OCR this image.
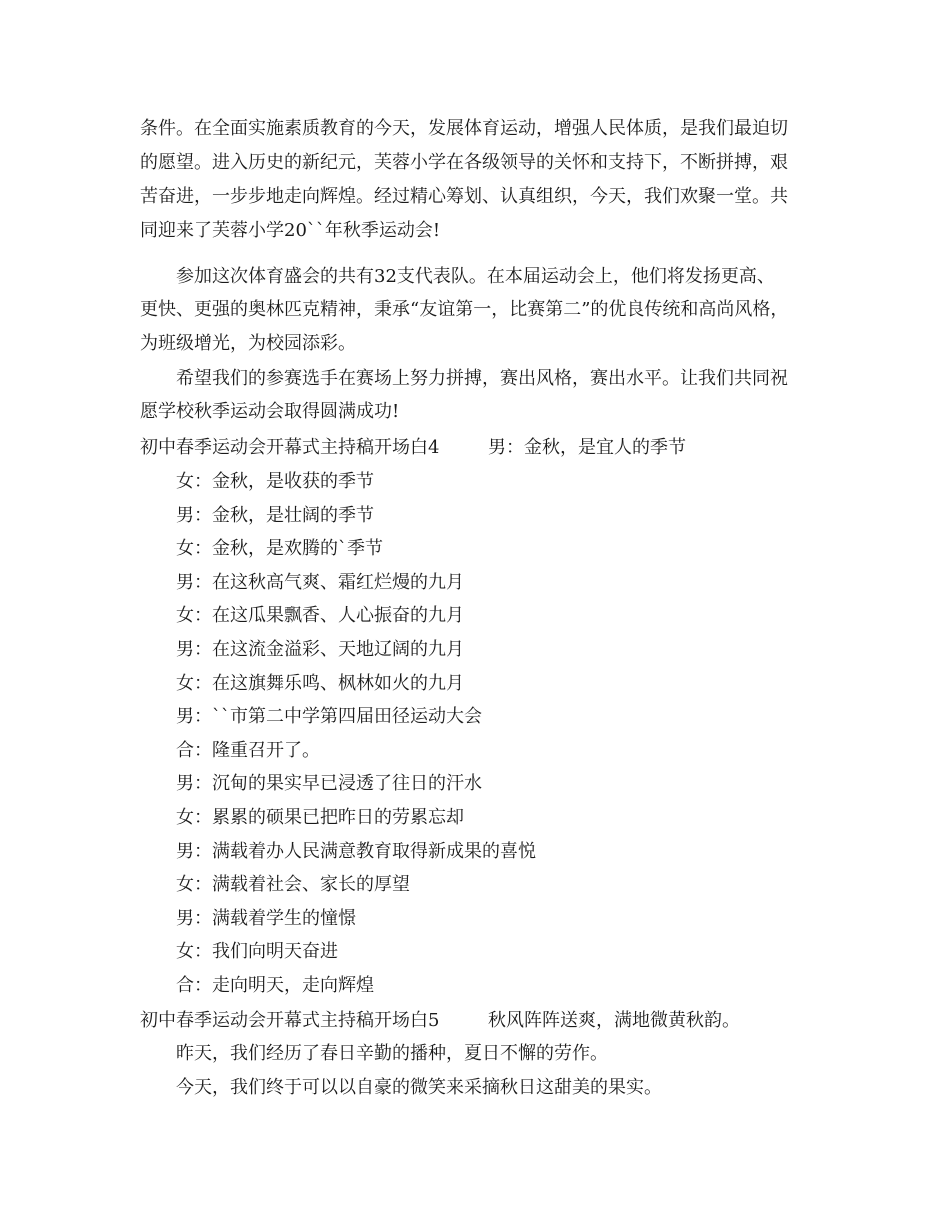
条件。在全面实施素质教育的今天，发展体育运动，增强人民体质，是我们最迫切
的愿望。进入历史的新纪元，芙蓉小学在各级领导的关怀和支持下，不断拼搏，艰
苦奋进，一步步地走向辉煌。经过精心筹划、认真组织，今天，我们欢聚一堂。共
同迎来了芙蓉小学20``年秋季运动会!
参加这次体育盛会的共有32支代表队。在本届运动会上，他们将发扬更高、
更快、更强的奥林匹克精神，秉承“友谊第一，比赛第二”的优良传统和高尚风格，
为班级增光，为校园添彩。
希望我们的参赛选手在赛场上努力拼搏，赛出风格，赛出水平。让我们共同祝
愿学校秋季运动会取得圆满成功!
初中春季运动会开幕式主持稿开场白4	男：金秋，是宜人的季节
女：金秋，是收获的季节
男：金秋，是壮阔的季节
女：金秋，是欢腾的`季节
男：在这秋高气爽、霜红烂熳的九月
女：在这瓜果飘香、人心振奋的九月
男：在这流金溢彩、天地辽阔的九月
女：在这旗舞乐鸣、枫林如火的九月
男：``市第二中学第四届田径运动大会
合：隆重召开了。
男：沉甸的果实早已浸透了往日的汗水
女：累累的硕果已把昨日的劳累忘却
男：满载着办人民满意教育取得新成果的喜悦
女：满载着社会、家长的厚望
男：满载着学生的憧憬
女：我们向明天奋进
合：走向明天，走向辉煌
初中春季运动会开幕式主持稿开场白5	秋风阵阵送爽，满地微黄秋韵。
昨天，我们经历了春日辛勤的播种，夏日不懈的劳作。
今天，我们终于可以以自豪的微笑来采摘秋日这甜美的果实。
